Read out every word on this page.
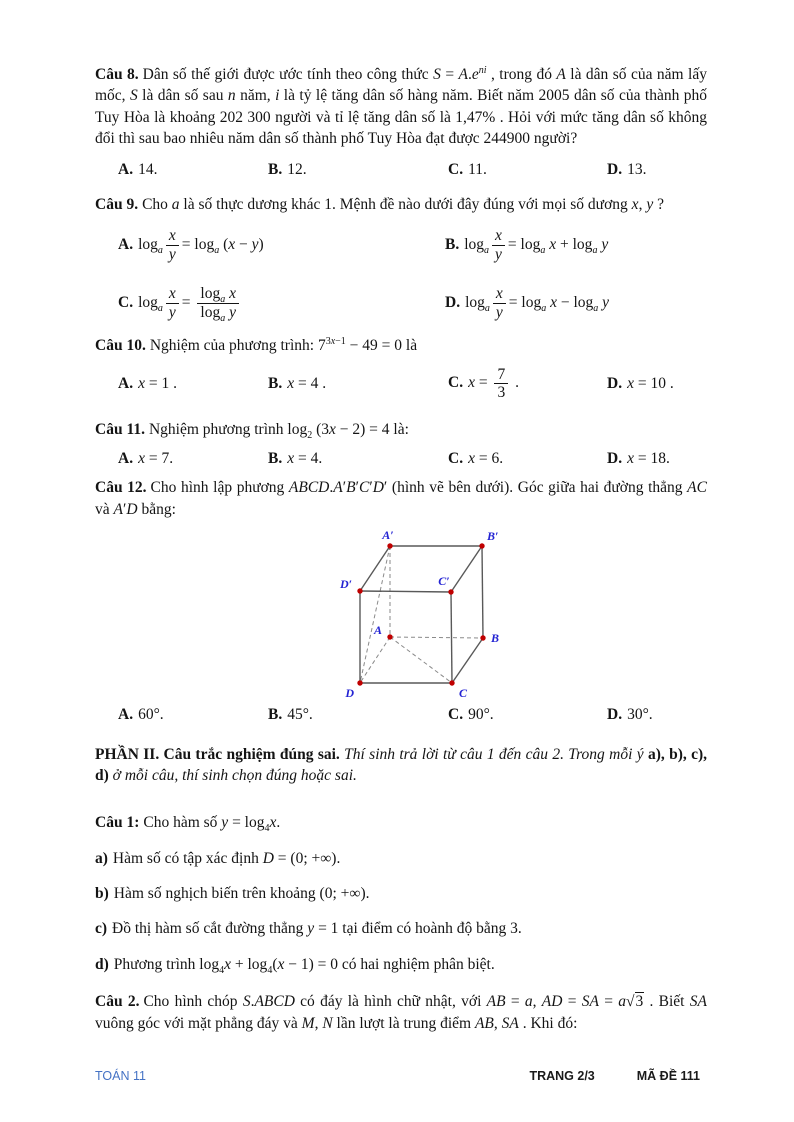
Câu 8. Dân số thế giới được ước tính theo công thức $S = A.e^{ni}$ , trong đó A là dân số của năm lấy mốc, S là dân số sau n năm, i là tỷ lệ tăng dân số hàng năm. Biết năm 2005 dân số của thành phố Tuy Hòa là khoảng 202 300 người và tỉ lệ tăng dân số là 1,47% . Hỏi với mức tăng dân số không đổi thì sau bao nhiêu năm dân số thành phố Tuy Hòa đạt được 244900 người?

A. 14.	B. 12.	C. 11.	D. 13.

Câu 9. Cho a là số thực dương khác 1. Mệnh đề nào dưới đây đúng với mọi số dương x, y ?

A. $\log_a \frac{x}{y} = \log_a (x - y)$	B. $\log_a \frac{x}{y} = \log_a x + \log_a y$
C. $\log_a \frac{x}{y} = \frac{\log_a x}{\log_a y}$	D. $\log_a \frac{x}{y} = \log_a x - \log_a y$

Câu 10. Nghiệm của phương trình: $7^{3x-1} - 49 = 0$ là

A. x = 1 .	B. x = 4 .	C. $x = \frac{7}{3}$ .	D. x = 10 .

Câu 11. Nghiệm phương trình $\log_2 (3x - 2) = 4$ là:

A. x = 7.	B. x = 4.	C. x = 6.	D. x = 18.

Câu 12. Cho hình lập phương ABCD.A′B′C′D′ (hình vẽ bên dưới). Góc giữa hai đường thẳng AC và A′D bằng:

A′	B′
D′	C′
A
B
D	C
A. 60°.	B. 45°.	C. 90°.	D. 30°.

PHẦN II. Câu trắc nghiệm đúng sai. Thí sinh trả lời từ câu 1 đến câu 2. Trong mỗi ý a), b), c), d) ở mỗi câu, thí sinh chọn đúng hoặc sai.

Câu 1: Cho hàm số $y = \log_4x$.

a) Hàm số có tập xác định D = (0; +∞).

b) Hàm số nghịch biến trên khoảng (0; +∞).

c) Đồ thị hàm số cắt đường thẳng y = 1 tại điểm có hoành độ bằng 3.

d) Phương trình $\log_4x + \log_4(x - 1) = 0$ có hai nghiệm phân biệt.

Câu 2. Cho hình chóp S.ABCD có đáy là hình chữ nhật, với AB = a, AD = SA = a√3 . Biết SA vuông góc với mặt phẳng đáy và M, N lần lượt là trung điểm AB, SA . Khi đó:

TOÁN 11	TRANG 2/3	MÃ ĐỀ 111
